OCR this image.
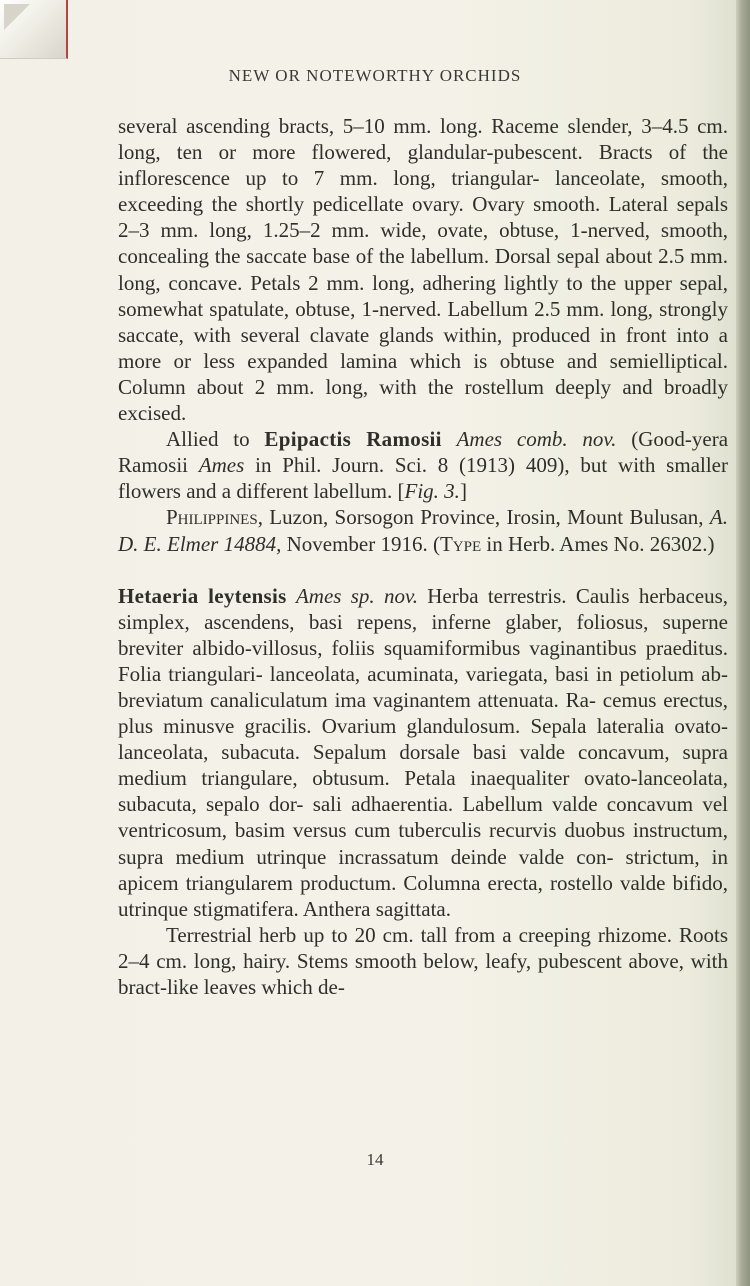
NEW OR NOTEWORTHY ORCHIDS

several ascending bracts, 5–10 mm. long. Raceme slender, 3–4.5 cm. long, ten or more flowered, glandular-pubescent. Bracts of the inflorescence up to 7 mm. long, triangular- lanceolate, smooth, exceeding the shortly pedicellate ovary. Ovary smooth. Lateral sepals 2–3 mm. long, 1.25–2 mm. wide, ovate, obtuse, 1-nerved, smooth, concealing the saccate base of the labellum. Dorsal sepal about 2.5 mm. long, concave. Petals 2 mm. long, adhering lightly to the upper sepal, somewhat spatulate, obtuse, 1-nerved. Labellum 2.5 mm. long, strongly saccate, with several clavate glands within, produced in front into a more or less expanded lamina which is obtuse and semielliptical. Column about 2 mm. long, with the rostellum deeply and broadly excised.

Allied to Epipactis Ramosii Ames comb. nov. (Good-yera Ramosii Ames in Phil. Journ. Sci. 8 (1913) 409), but with smaller flowers and a different labellum. [Fig. 3.]

Philippines, Luzon, Sorsogon Province, Irosin, Mount Bulusan, A. D. E. Elmer 14884, November 1916. (Type in Herb. Ames No. 26302.)

Hetaeria leytensis Ames sp. nov. Herba terrestris. Caulis herbaceus, simplex, ascendens, basi repens, inferne glaber, foliosus, superne breviter albido-villosus, foliis squamiformibus vaginantibus praeditus. Folia triangulari- lanceolata, acuminata, variegata, basi in petiolum ab- breviatum canaliculatum ima vaginantem attenuata. Ra- cemus erectus, plus minusve gracilis. Ovarium glandulosum. Sepala lateralia ovato-lanceolata, subacuta. Sepalum dorsale basi valde concavum, supra medium triangulare, obtusum. Petala inaequaliter ovato-lanceolata, subacuta, sepalo dor- sali adhaerentia. Labellum valde concavum vel ventricosum, basim versus cum tuberculis recurvis duobus instructum, supra medium utrinque incrassatum deinde valde con- strictum, in apicem triangularem productum. Columna erecta, rostello valde bifido, utrinque stigmatifera. Anthera sagittata.

Terrestrial herb up to 20 cm. tall from a creeping rhizome. Roots 2–4 cm. long, hairy. Stems smooth below, leafy, pubescent above, with bract-like leaves which de-

14
